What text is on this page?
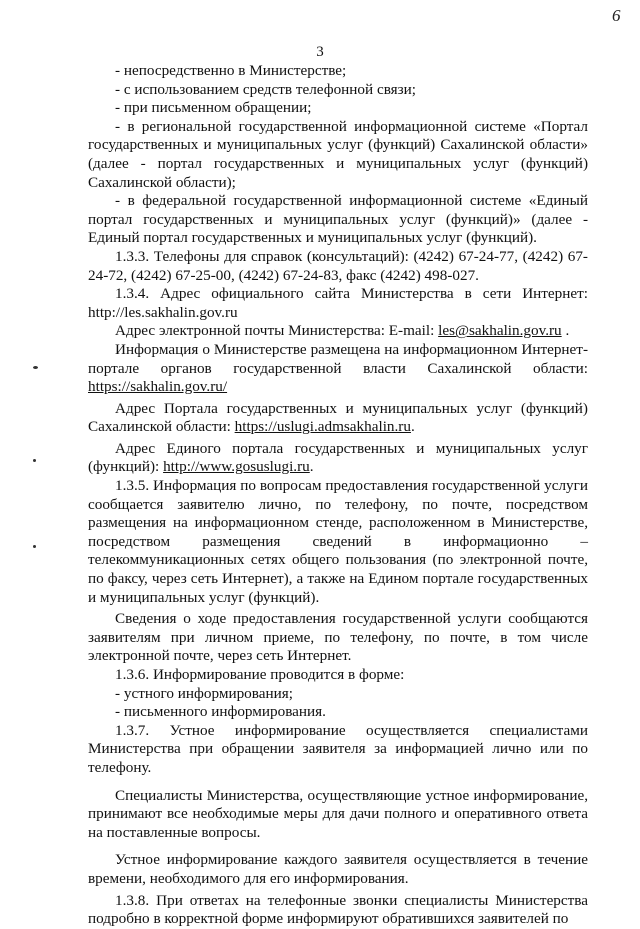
6
3

- непосредственно в Министерстве;

- с использованием средств телефонной связи;

- при письменном обращении;

- в региональной государственной информационной системе «Портал государственных и муниципальных услуг (функций) Сахалинской области» (далее - портал государственных и муниципальных услуг (функций) Сахалинской области);

- в федеральной государственной информационной системе «Единый портал государственных и муниципальных услуг (функций)» (далее - Единый портал государственных и муниципальных услуг (функций).

1.3.3. Телефоны для справок (консультаций): (4242) 67-24-77, (4242) 67-24-72, (4242) 67-25-00, (4242) 67-24-83, факс (4242) 498-027.

1.3.4. Адрес официального сайта Министерства в сети Интернет: http://les.sakhalin.gov.ru

Адрес электронной почты Министерства: E-mail: les@sakhalin.gov.ru .

Информация о Министерстве размещена на информационном Интернет-портале органов государственной власти Сахалинской области: https://sakhalin.gov.ru/

Адрес Портала государственных и муниципальных услуг (функций) Сахалинской области: https://uslugi.admsakhalin.ru.

Адрес Единого портала государственных и муниципальных услуг (функций): http://www.gosuslugi.ru.

1.3.5. Информация по вопросам предоставления государственной услуги сообщается заявителю лично, по телефону, по почте, посредством размещения на информационном стенде, расположенном в Министерстве, посредством размещения сведений в информационно – телекоммуникационных сетях общего пользования (по электронной почте, по факсу, через сеть Интернет), а также на Едином портале государственных и муниципальных услуг (функций).

Сведения о ходе предоставления государственной услуги сообщаются заявителям при личном приеме, по телефону, по почте, в том числе электронной почте, через сеть Интернет.

1.3.6. Информирование проводится в форме:

- устного информирования;

- письменного информирования.

1.3.7. Устное информирование осуществляется специалистами Министерства при обращении заявителя за информацией лично или по телефону.

Специалисты Министерства, осуществляющие устное информирование, принимают все необходимые меры для дачи полного и оперативного ответа на поставленные вопросы.

Устное информирование каждого заявителя осуществляется в течение времени, необходимого для его информирования.

1.3.8. При ответах на телефонные звонки специалисты Министерства подробно в корректной форме информируют обратившихся заявителей по
